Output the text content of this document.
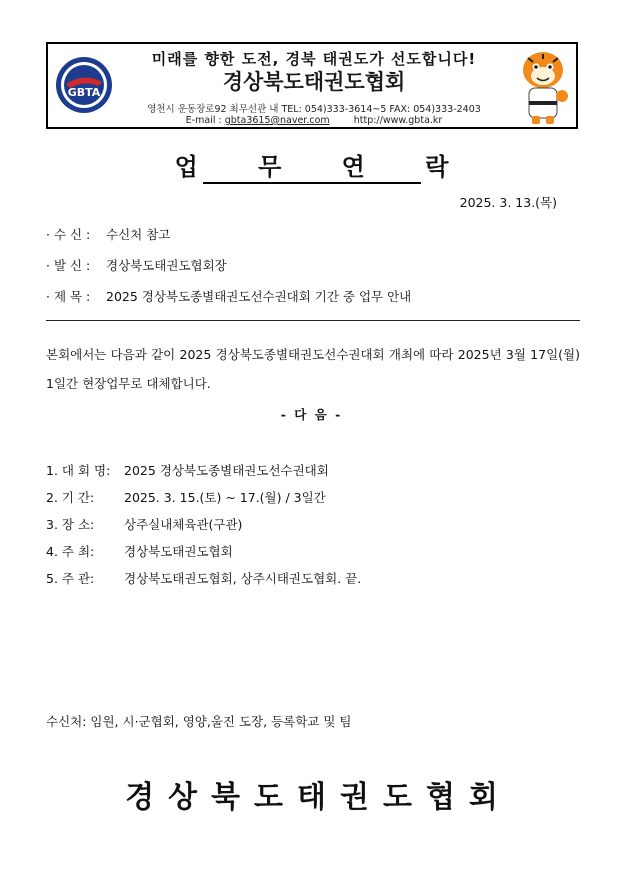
GBTA
미래를 향한 도전, 경북 태권도가 선도합니다!
경상북도태권도협회
영천시 운동장로92 최무선관 내 TEL: 054)333-3614~5 FAX: 054)333-2403
E-mail : gbta3615@naver.com	http://www.gbta.kr
업 무 연 락
2025. 3. 13.(목)
· 수 신 : 수신처 참고
· 발 신 : 경상북도태권도협회장
· 제 목 : 2025 경상북도종별태권도선수권대회 기간 중 업무 안내
본회에서는 다음과 같이 2025 경상북도종별태권도선수권대회 개최에 따라 2025년 3월 17일(월) 1일간 현장업무로 대체합니다.
- 다 음 -
1. 대 회 명: 2025 경상북도종별태권도선수권대회
2. 기 간: 2025. 3. 15.(토) ~ 17.(월) / 3일간
3. 장 소: 상주실내체육관(구관)
4. 주 최: 경상북도태권도협회
5. 주 관: 경상북도태권도협회, 상주시태권도협회. 끝.
수신처: 임원, 시·군협회, 영양,울진 도장, 등록학교 및 팀
경상북도태권도협회
